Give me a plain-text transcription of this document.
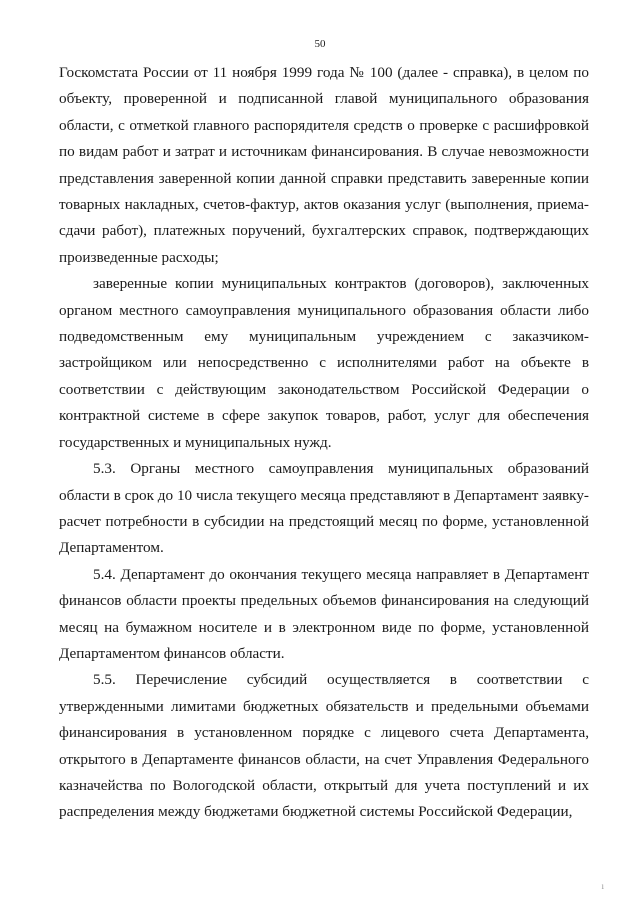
50

Госкомстата России от 11 ноября 1999 года № 100 (далее - справка), в целом по объекту, проверенной и подписанной главой муниципального образования области, с отметкой главного распорядителя средств о проверке с расшифровкой по видам работ и затрат и источникам финансирования. В случае невозможности представления заверенной копии данной справки представить заверенные копии товарных накладных, счетов-фактур, актов оказания услуг (выполнения, приема-сдачи работ), платежных поручений, бухгалтерских справок, подтверждающих произведенные расходы;

заверенные копии муниципальных контрактов (договоров), заключенных органом местного самоуправления муниципального образования области либо подведомственным ему муниципальным учреждением с заказчиком-застройщиком или непосредственно с исполнителями работ на объекте в соответствии с действующим законодательством Российской Федерации о контрактной системе в сфере закупок товаров, работ, услуг для обеспечения государственных и муниципальных нужд.

5.3. Органы местного самоуправления муниципальных образований области в срок до 10 числа текущего месяца представляют в Департамент заявку-расчет потребности в субсидии на предстоящий месяц по форме, установленной Департаментом.

5.4. Департамент до окончания текущего месяца направляет в Департамент финансов области проекты предельных объемов финансирования на следующий месяц на бумажном носителе и в электронном виде по форме, установленной Департаментом финансов области.

5.5. Перечисление субсидий осуществляется в соответствии с утвержденными лимитами бюджетных обязательств и предельными объемами финансирования в установленном порядке с лицевого счета Департамента, открытого в Департаменте финансов области, на счет Управления Федерального казначейства по Вологодской области, открытый для учета поступлений и их распределения между бюджетами бюджетной системы Российской Федерации,

ı
